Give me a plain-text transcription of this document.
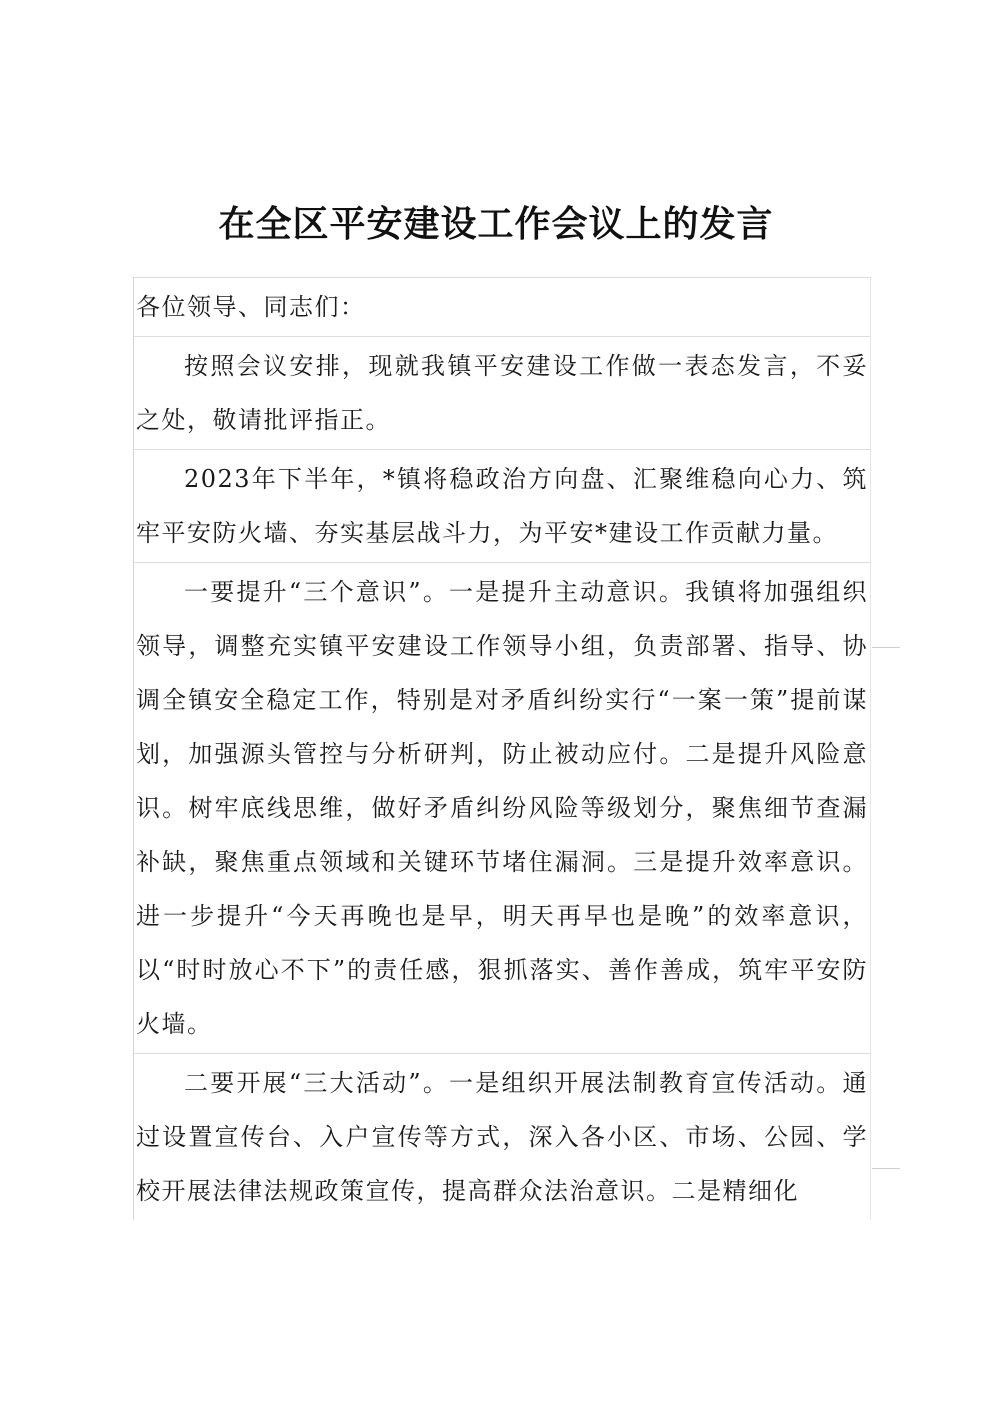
在全区平安建设工作会议上的发言
各位领导、同志们：
按照会议安排，现就我镇平安建设工作做一表态发言，不妥之处，敬请批评指正。
2023年下半年，*镇将稳政治方向盘、汇聚维稳向心力、筑牢平安防火墙、夯实基层战斗力，为平安*建设工作贡献力量。
一要提升“三个意识”。一是提升主动意识。我镇将加强组织领导，调整充实镇平安建设工作领导小组，负责部署、指导、协调全镇安全稳定工作，特别是对矛盾纠纷实行“一案一策”提前谋划，加强源头管控与分析研判，防止被动应付。二是提升风险意识。树牢底线思维，做好矛盾纠纷风险等级划分，聚焦细节查漏补缺，聚焦重点领域和关键环节堵住漏洞。三是提升效率意识。进一步提升“今天再晚也是早，明天再早也是晚”的效率意识，以“时时放心不下”的责任感，狠抓落实、善作善成，筑牢平安防火墙。
二要开展“三大活动”。一是组织开展法制教育宣传活动。通过设置宣传台、入户宣传等方式，深入各小区、市场、公园、学校开展法律法规政策宣传，提高群众法治意识。二是精细化
